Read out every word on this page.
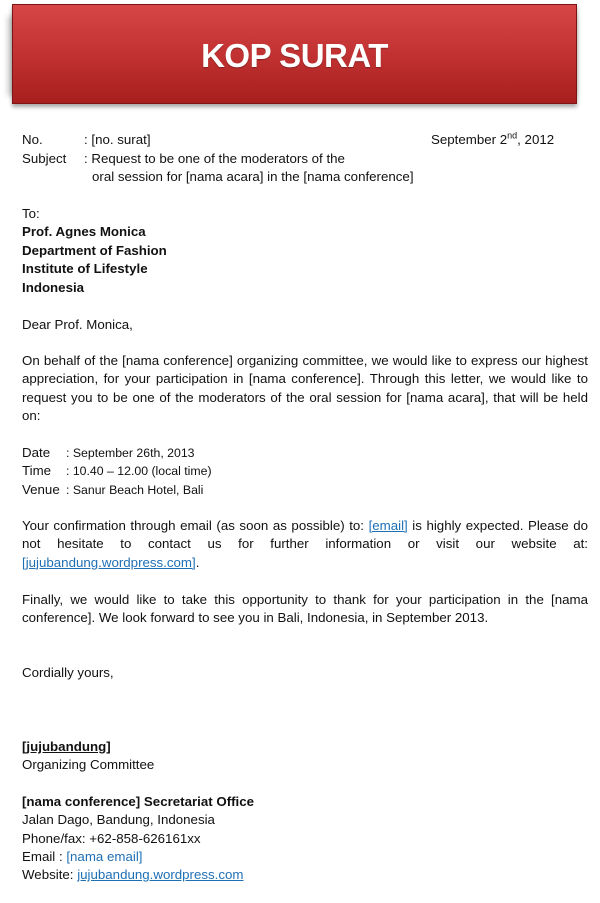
KOP SURAT
No.	: [no. surat]	September 2nd, 2012
Subject : Request to be one of the moderators of the
oral session for [nama acara] in the [nama conference]
To:
Prof. Agnes Monica
Department of Fashion
Institute of Lifestyle
Indonesia
Dear Prof. Monica,
On behalf of the [nama conference] organizing committee, we would like to express our highest appreciation, for your participation in [nama conference]. Through this letter, we would like to request you to be one of the moderators of the oral session for [nama acara], that will be held on:
Date : September 26th, 2013
Time : 10.40 – 12.00 (local time)
Venue : Sanur Beach Hotel, Bali
Your confirmation through email (as soon as possible) to: [email] is highly expected. Please do not hesitate to contact us for further information or visit our website at: [jujubandung.wordpress.com].
Finally, we would like to take this opportunity to thank for your participation in the [nama conference]. We look forward to see you in Bali, Indonesia, in September 2013.
Cordially yours,
[jujubandung]
Organizing Committee
[nama conference] Secretariat Office
Jalan Dago, Bandung, Indonesia
Phone/fax: +62-858-626161xx
Email : [nama email]
Website: jujubandung.wordpress.com
